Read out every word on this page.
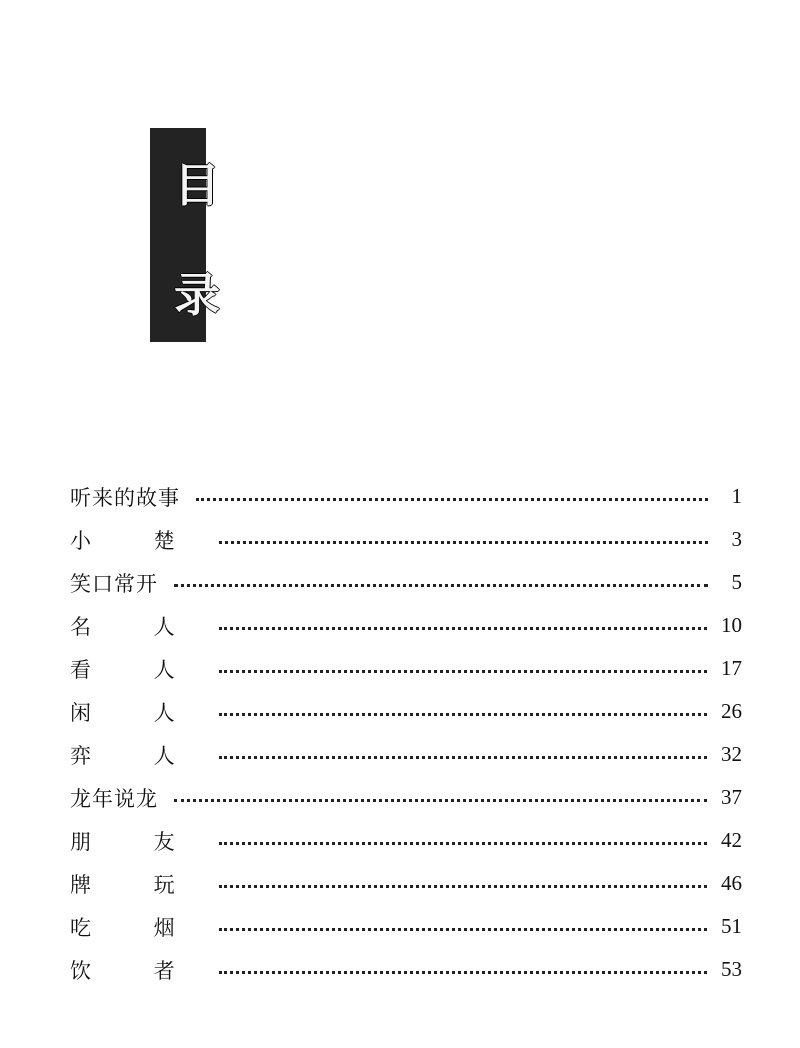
目
录
听来的故事	1
小 楚	3
笑口常开	5
名 人	10
看 人	17
闲 人	26
弈 人	32
龙年说龙	37
朋 友	42
牌 玩	46
吃 烟	51
饮 者	53
